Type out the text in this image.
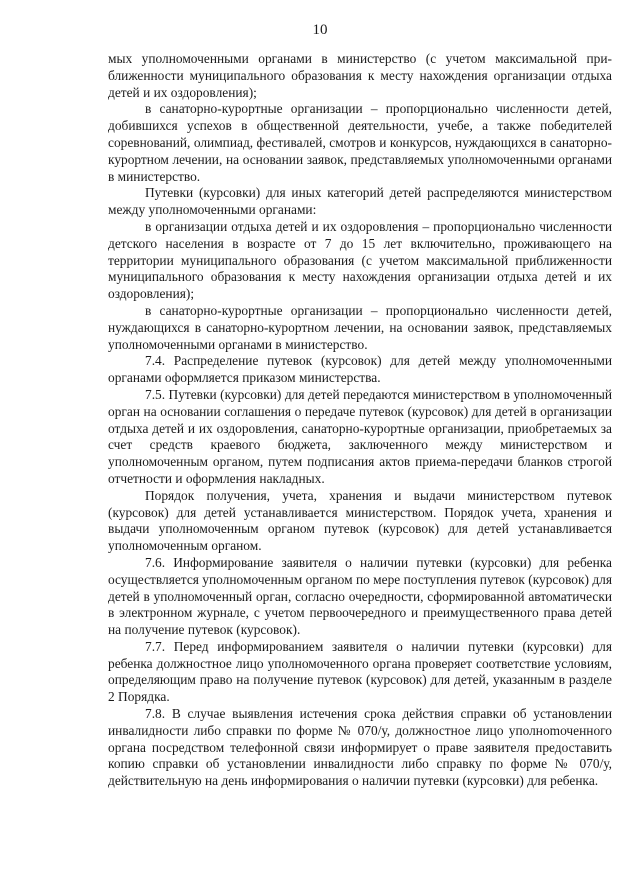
10

мых уполномоченными органами в министерство (с учетом максимальной приближенности муниципального образования к месту нахождения организации отдыха детей и их оздоровления);

в санаторно-курортные организации – пропорционально численности детей, добившихся успехов в общественной деятельности, учебе, а также победителей соревнований, олимпиад, фестивалей, смотров и конкурсов, нуждающихся в санаторно-курортном лечении, на основании заявок, представляемых уполномоченными органами в министерство.

Путевки (курсовки) для иных категорий детей распределяются министерством между уполномоченными органами:

в организации отдыха детей и их оздоровления – пропорционально численности детского населения в возрасте от 7 до 15 лет включительно, проживающего на территории муниципального образования (с учетом максимальной приближенности муниципального образования к месту нахождения организации отдыха детей и их оздоровления);

в санаторно-курортные организации – пропорционально численности детей, нуждающихся в санаторно-курортном лечении, на основании заявок, представляемых уполномоченными органами в министерство.

7.4. Распределение путевок (курсовок) для детей между уполномоченными органами оформляется приказом министерства.

7.5. Путевки (курсовки) для детей передаются министерством в уполномоченный орган на основании соглашения о передаче путевок (курсовок) для детей в организации отдыха детей и их оздоровления, санаторно-курортные организации, приобретаемых за счет средств краевого бюджета, заключенного между министерством и уполномоченным органом, путем подписания актов приема-передачи бланков строгой отчетности и оформления накладных.

Порядок получения, учета, хранения и выдачи министерством путевок (курсовок) для детей устанавливается министерством. Порядок учета, хранения и выдачи уполномоченным органом путевок (курсовок) для детей устанавливается уполномоченным органом.

7.6. Информирование заявителя о наличии путевки (курсовки) для ребенка осуществляется уполномоченным органом по мере поступления путевок (курсовок) для детей в уполномоченный орган, согласно очередности, сформированной автоматически в электронном журнале, с учетом первоочередного и преимущественного права детей на получение путевок (курсовок).

7.7. Перед информированием заявителя о наличии путевки (курсовки) для ребенка должностное лицо уполномоченного органа проверяет соответствие условиям, определяющим право на получение путевок (курсовок) для детей, указанным в разделе 2 Порядка.

7.8. В случае выявления истечения срока действия справки об установлении инвалидности либо справки по форме № 070/у, должностное лицо уполноmоченного органа посредством телефонной связи информирует о праве заявителя предоставить копию справки об установлении инвалидности либо справку по форме № 070/у, действительную на день информирования о наличии путевки (курсовки) для ребенка.
